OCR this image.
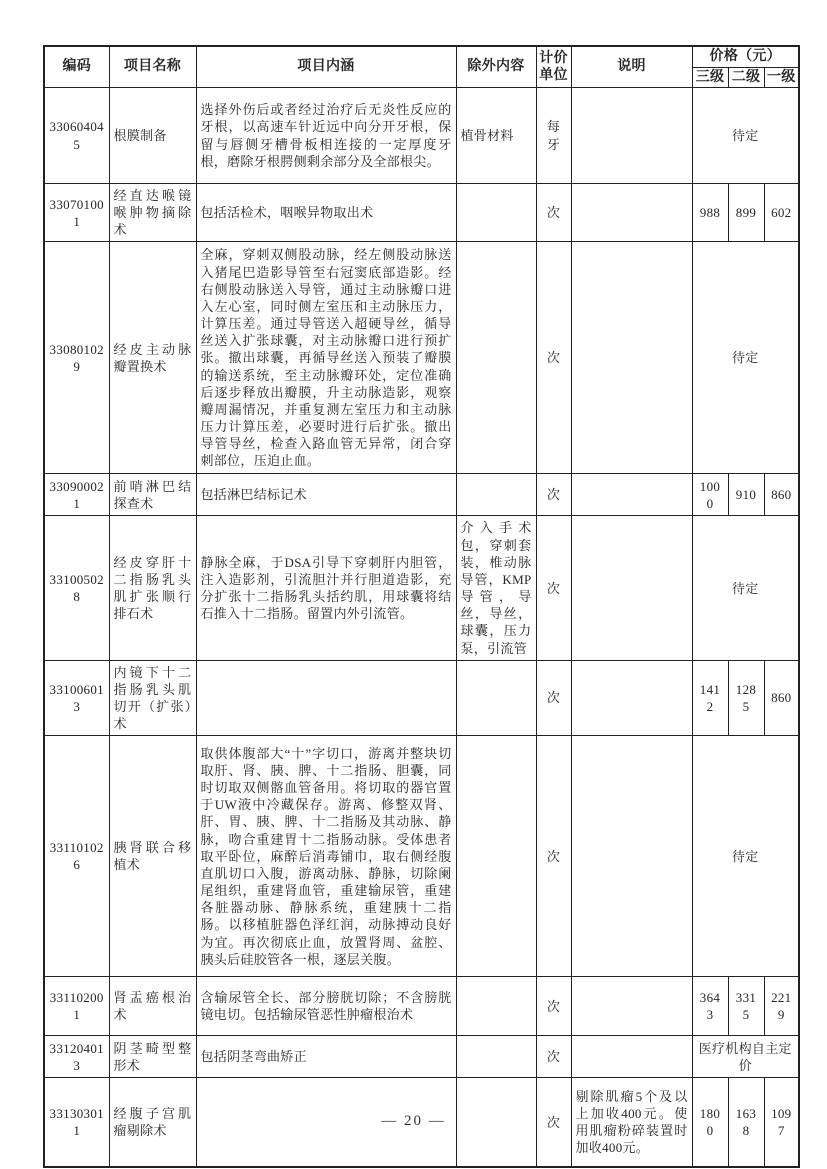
编码	项目名称	项目内涵	除外内容	计价单位	说明	价格（元）		
						三级	二级	一级
330604045	根膜制备	选择外伤后或者经过治疗后无炎性反应的牙根，以高速车针近远中向分开牙根，保留与唇侧牙槽骨板相连接的一定厚度牙根，磨除牙根腭侧剩余部分及全部根尖。	植骨材料	每牙		待定		
330701001	经直达喉镜喉肿物摘除术	包括活检术，咽喉异物取出术		次		988	899	602
330801029	经皮主动脉瓣置换术	全麻，穿刺双侧股动脉，经左侧股动脉送入猪尾巴造影导管至右冠窦底部造影。经右侧股动脉送入导管，通过主动脉瓣口进入左心室，同时侧左室压和主动脉压力，计算压差。通过导管送入超硬导丝，循导丝送入扩张球囊，对主动脉瓣口进行预扩张。撤出球囊，再循导丝送入预装了瓣膜的输送系统，至主动脉瓣环处，定位准确后逐步释放出瓣膜，升主动脉造影，观察瓣周漏情况，并重复测左室压力和主动脉压力计算压差，必要时进行后扩张。撤出导管导丝，检查入路血管无异常，闭合穿刺部位，压迫止血。		次		待定		
330900021	前哨淋巴结探查术	包括淋巴结标记术		次		1000	910	860
331005028	经皮穿肝十二指肠乳头肌扩张顺行排石术	静脉全麻，于DSA引导下穿刺肝内胆管，注入造影剂，引流胆汁并行胆道造影，充分扩张十二指肠乳头括约肌，用球囊将结石推入十二指肠。留置内外引流管。	介入手术包，穿刺套装，椎动脉导管，KMP导管，导丝，导丝，球囊，压力泵，引流管	次		待定		
331006013	内镜下十二指肠乳头肌切开（扩张）术			次		1412	1285	860
331101026	胰肾联合移植术	取供体腹部大“十”字切口，游离并整块切取肝、肾、胰、脾、十二指肠、胆囊，同时切取双侧髂血管备用。将切取的器官置于UW液中冷藏保存。游离、修整双肾、肝、胃、胰、脾、十二指肠及其动脉、静脉，吻合重建胃十二指肠动脉。受体患者取平卧位，麻醉后消毒铺巾，取右侧经腹直肌切口入腹，游离动脉、静脉，切除阑尾组织，重建肾血管，重建输尿管，重建各脏器动脉、静脉系统，重建胰十二指肠。以移植脏器色泽红润，动脉搏动良好为宜。再次彻底止血，放置肾周、盆腔、胰头后硅胶管各一根，逐层关腹。		次		待定		
331102001	肾盂癌根治术	含输尿管全长、部分膀胱切除；不含膀胱镜电切。包括输尿管恶性肿瘤根治术		次		3643	3315	2219
331204013	阴茎畸型整形术	包括阴茎弯曲矫正		次		医疗机构自主定价		
331303011	经腹子宫肌瘤剔除术			次	剔除肌瘤5个及以上加收400元。使用肌瘤粉碎装置时加收400元。	1800	1638	1097
— 20 —
